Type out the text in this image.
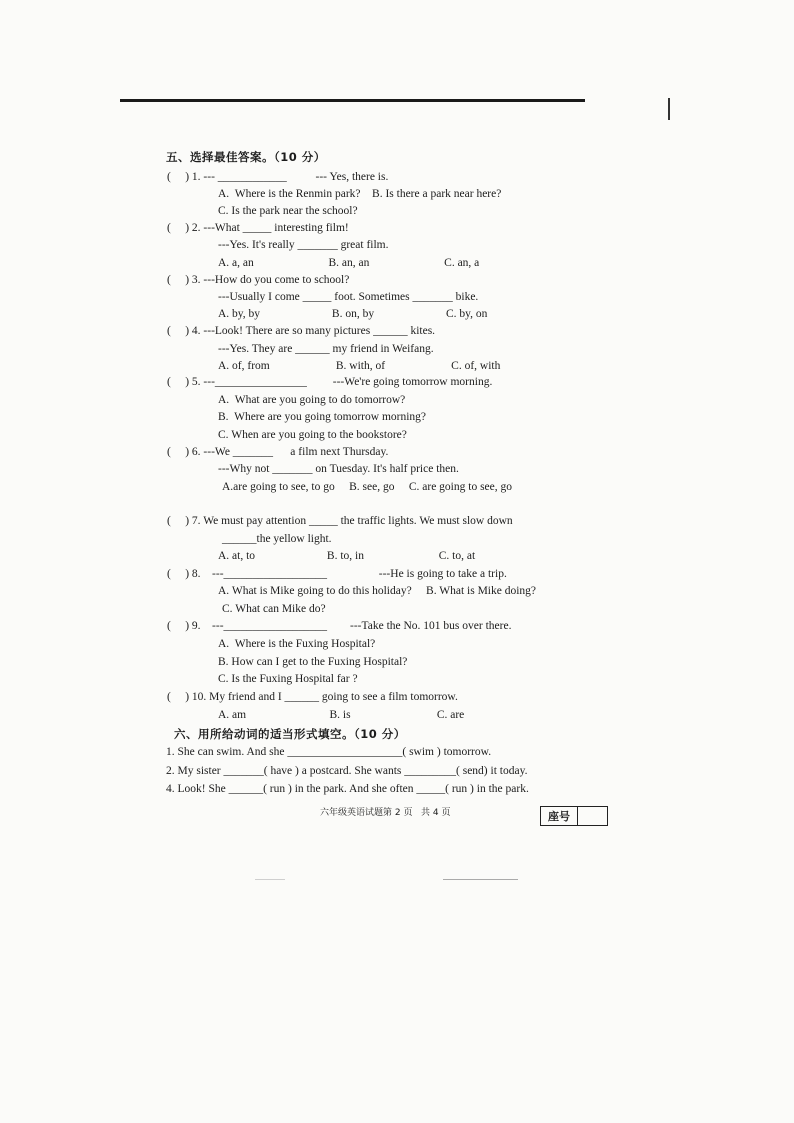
五、选择最佳答案。（10 分）
(     ) 1. --- ____________          --- Yes, there is.
A.  Where is the Renmin park?    B. Is there a park near here?
C. Is the park near the school?
(     ) 2. ---What _____ interesting film!
---Yes. It's really _______ great film.
A. a, an                          B. an, an                          C. an, a
(     ) 3. ---How do you come to school?
---Usually I come _____ foot. Sometimes _______ bike.
A. by, by                         B. on, by                         C. by, on
(     ) 4. ---Look! There are so many pictures ______ kites.
---Yes. They are ______ my friend in Weifang.
A. of, from                       B. with, of                       C. of, with
(     ) 5. ---________________         ---We're going tomorrow morning.
A.  What are you going to do tomorrow?
B.  Where are you going tomorrow morning?
C. When are you going to the bookstore?
(     ) 6. ---We _______      a film next Thursday.
---Why not _______ on Tuesday. It's half price then.
A.are going to see, to go     B. see, go     C. are going to see, go
(     ) 7. We must pay attention _____ the traffic lights. We must slow down
______the yellow light.
A. at, to                         B. to, in                          C. to, at
(     ) 8.    ---__________________                  ---He is going to take a trip.
A. What is Mike going to do this holiday?     B. What is Mike doing?
C. What can Mike do?
(     ) 9.    ---__________________        ---Take the No. 101 bus over there.
A.  Where is the Fuxing Hospital?
B. How can I get to the Fuxing Hospital?
C. Is the Fuxing Hospital far ?
(     ) 10. My friend and I ______ going to see a film tomorrow.
A. am                             B. is                              C. are
六、用所给动词的适当形式填空。（10 分）
1. She can swim. And she ____________________( swim ) tomorrow.
2. My sister _______( have ) a postcard. She wants _________( send) it today.
4. Look! She ______( run ) in the park. And she often _____( run ) in the park.
六年级英语试题第 2 页   共 4 页	座号
